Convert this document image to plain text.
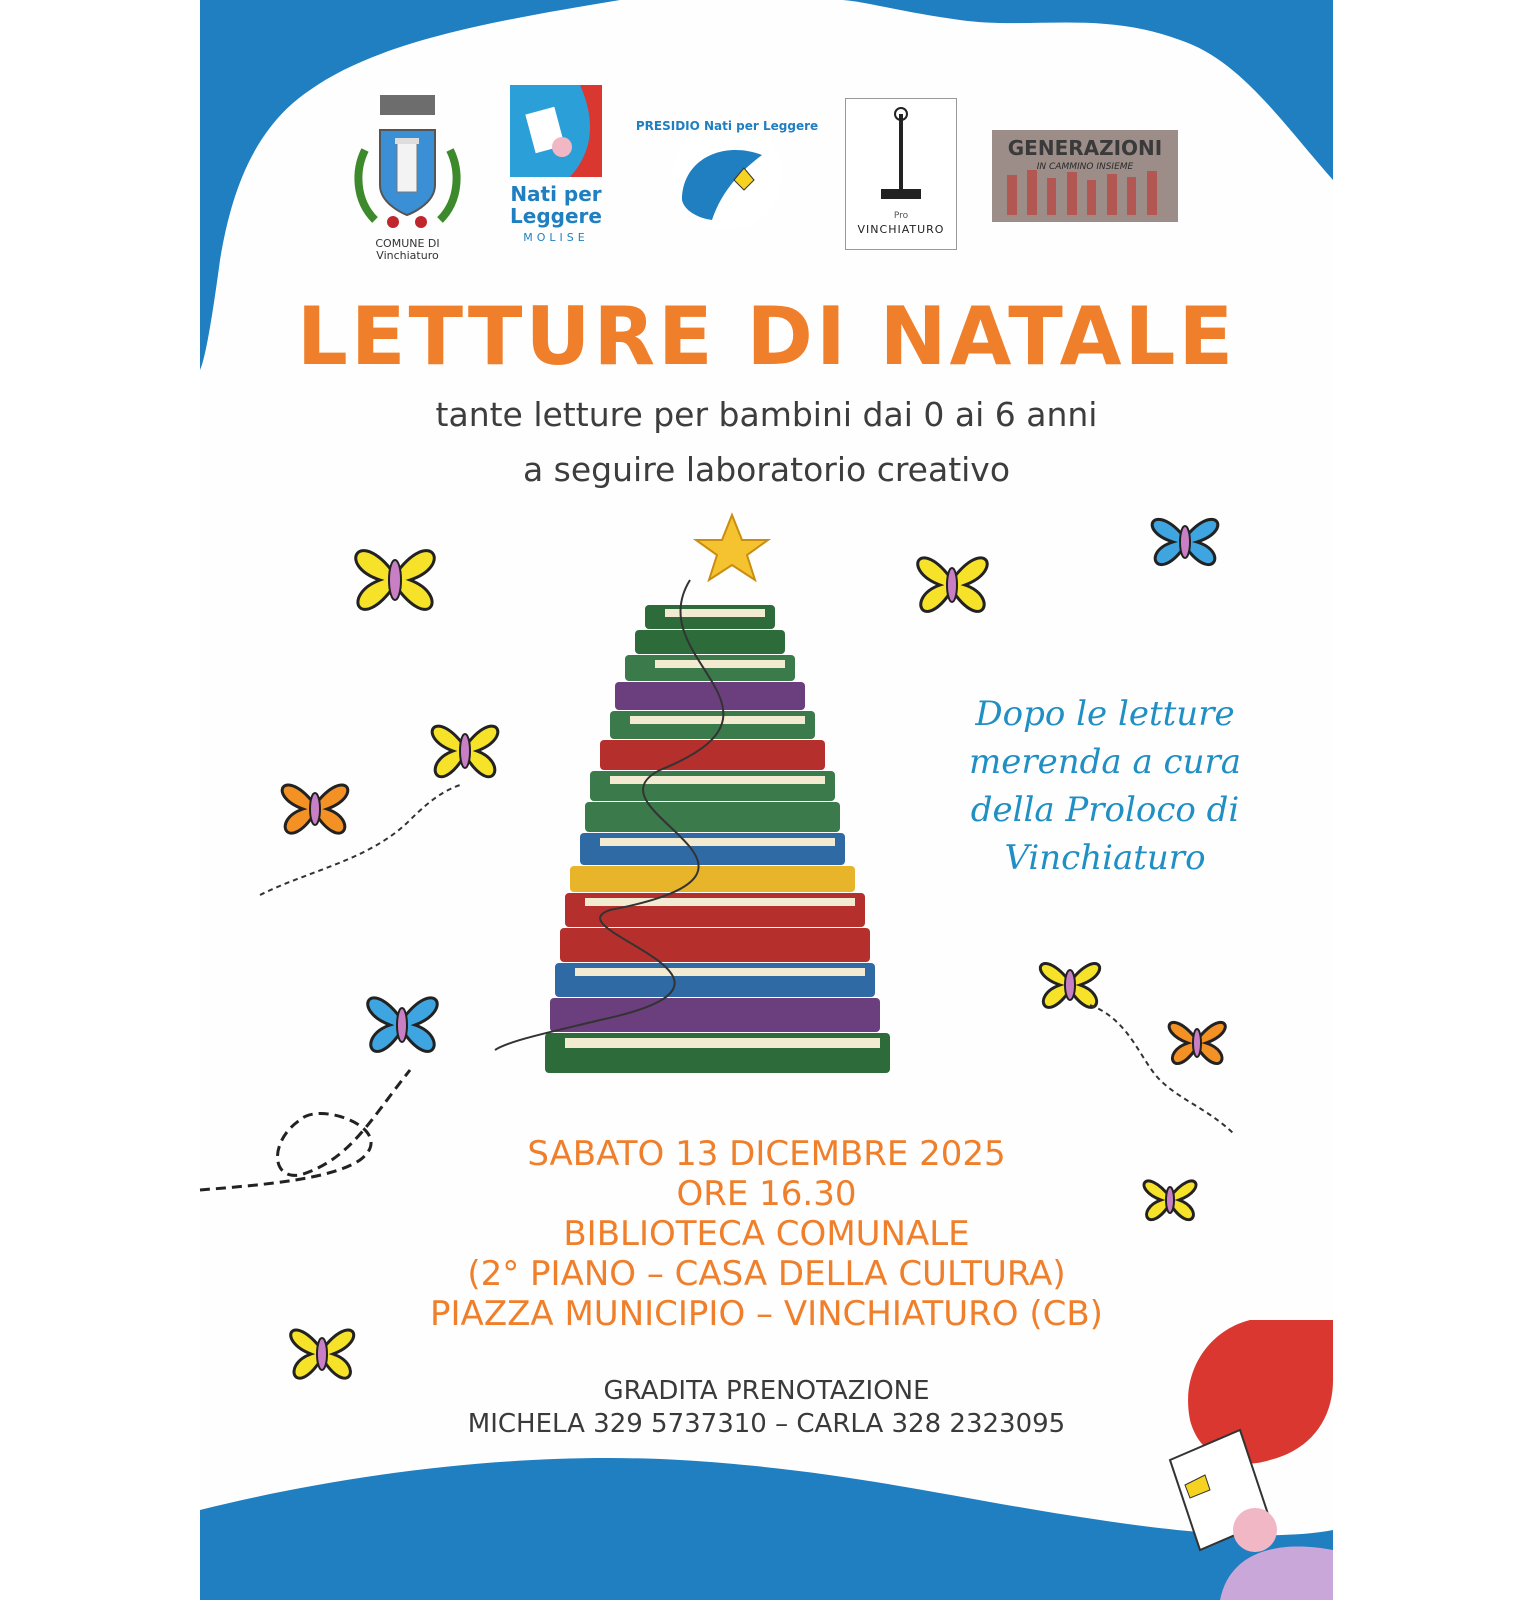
COMUNE DI
Vinchiaturo
Nati per
Leggere
MOLISE
PRESIDIO Nati per Leggere
Pro
VINCHIATURO
GENERAZIONI
IN CAMMINO INSIEME
LETTURE DI NATALE

tante letture per bambini dai 0 ai 6 anni

a seguire laboratorio creativo

Dopo le letture
merenda a cura
della Proloco di
Vinchiaturo

SABATO 13 DICEMBRE 2025

ORE 16.30

BIBLIOTECA COMUNALE

(2° PIANO – CASA DELLA CULTURA)

PIAZZA MUNICIPIO – VINCHIATURO (CB)

GRADITA PRENOTAZIONE

MICHELA 329 5737310 – CARLA 328 2323095
